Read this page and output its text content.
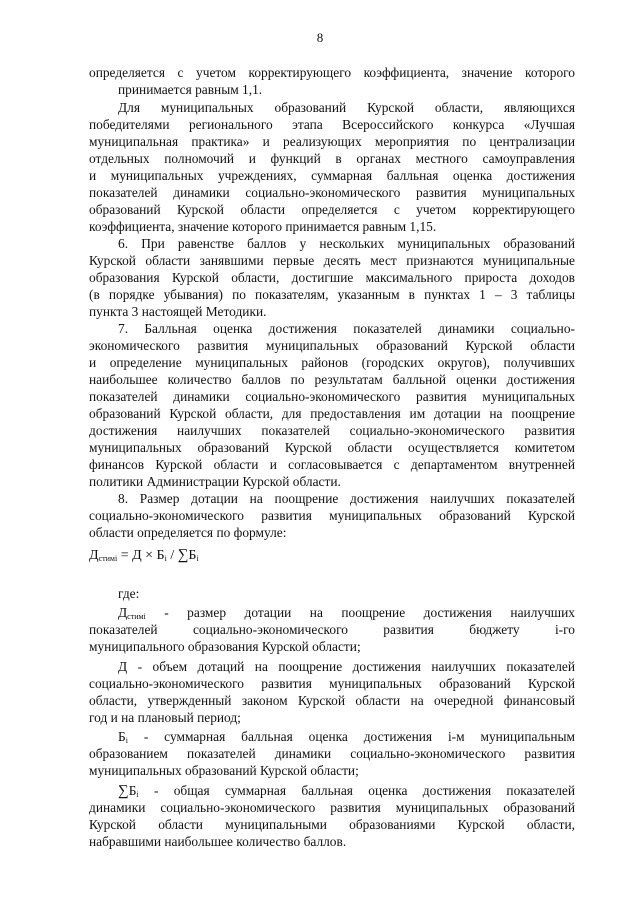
8
определяется с учетом корректирующего коэффициента, значение которого
принимается равным 1,1.
Для муниципальных образований Курской области, являющихся
победителями регионального этапа Всероссийского конкурса «Лучшая
муниципальная практика» и реализующих мероприятия по централизации
отдельных полномочий и функций в органах местного самоуправления
и муниципальных учреждениях, суммарная балльная оценка достижения
показателей динамики социально-экономического развития муниципальных
образований Курской области определяется с учетом корректирующего
коэффициента, значение которого принимается равным 1,15.
6. При равенстве баллов у нескольких муниципальных образований
Курской области занявшими первые десять мест признаются муниципальные
образования Курской области, достигшие максимального прироста доходов
(в порядке убывания) по показателям, указанным в пунктах 1 – 3 таблицы
пункта 3 настоящей Методики.
7. Балльная оценка достижения показателей динамики социально-
экономического развития муниципальных образований Курской области
и определение муниципальных районов (городских округов), получивших
наибольшее количество баллов по результатам балльной оценки достижения
показателей динамики социально-экономического развития муниципальных
образований Курской области, для предоставления им дотации на поощрение
достижения наилучших показателей социально-экономического развития
муниципальных образований Курской области осуществляется комитетом
финансов Курской области и согласовывается с департаментом внутренней
политики Администрации Курской области.
8. Размер дотации на поощрение достижения наилучших показателей
социально-экономического развития муниципальных образований Курской
области определяется по формуле:
$Д_{стимi} = Д \times Б_i / \sum Б_i$
где:
$Д_{стимi}$ - размер дотации на поощрение достижения наилучших
показателей социально-экономического развития бюджету i-го
муниципального образования Курской области;
Д - объем дотаций на поощрение достижения наилучших показателей
социально-экономического развития муниципальных образований Курской
области, утвержденный законом Курской области на очередной финансовый
год и на плановый период;
$Б_i$ - суммарная балльная оценка достижения i-м муниципальным
образованием показателей динамики социально-экономического развития
муниципальных образований Курской области;
$\sum Б_i$ - общая суммарная балльная оценка достижения показателей
динамики социально-экономического развития муниципальных образований
Курской области муниципальными образованиями Курской области,
набравшими наибольшее количество баллов.
